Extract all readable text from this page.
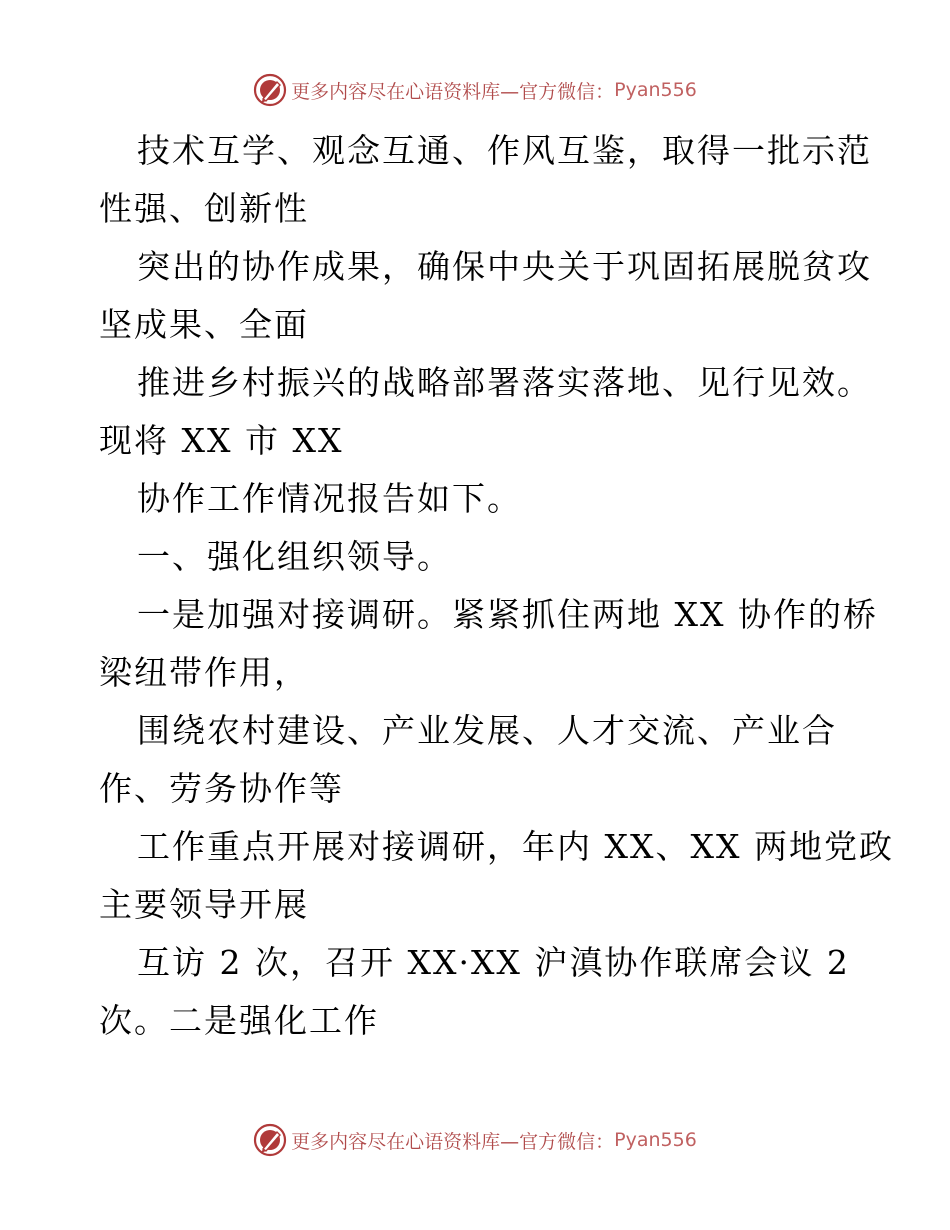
更多内容尽在心语资料库—官方微信： Pyan556
技术互学、观念互通、作风互鉴，取得一批示范
性强、创新性
突出的协作成果，确保中央关于巩固拓展脱贫攻
坚成果、全面
推进乡村振兴的战略部署落实落地、见行见效。
现将 XX 市 XX
协作工作情况报告如下。
一、强化组织领导。
一是加强对接调研。紧紧抓住两地 XX 协作的桥
梁纽带作用，
围绕农村建设、产业发展、人才交流、产业合
作、劳务协作等
工作重点开展对接调研，年内 XX、XX 两地党政
主要领导开展
互访 2 次，召开 XX·XX 沪滇协作联席会议 2
次。二是强化工作
更多内容尽在心语资料库—官方微信： Pyan556
